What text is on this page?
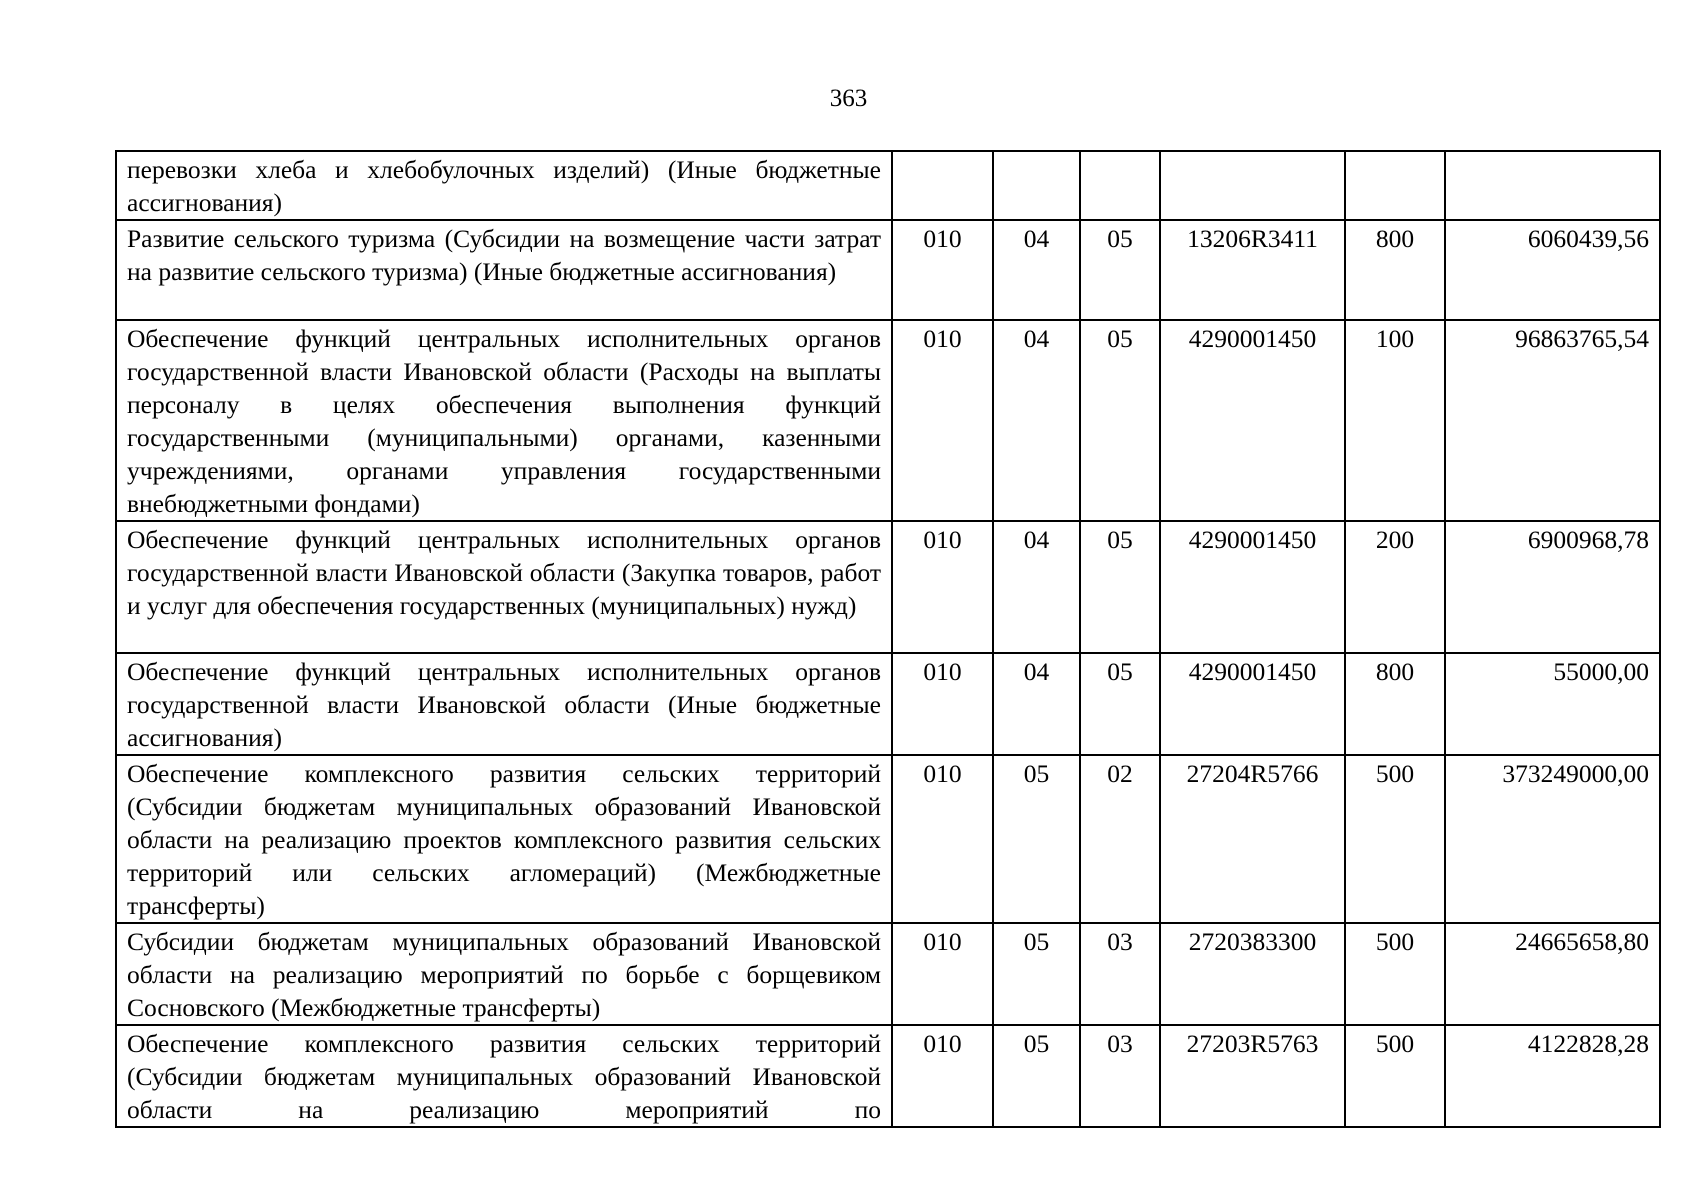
363
перевозки хлеба и хлебобулочных изделий) (Иные бюджетные ассигнования)						
Развитие сельского туризма (Субсидии на возмещение части затрат на развитие сельского туризма) (Иные бюджетные ассигнования)	010	04	05	13206R3411	800	6060439,56
Обеспечение функций центральных исполнительных органов государственной власти Ивановской области (Расходы на выплаты персоналу в целях обеспечения выполнения функций государственными (муниципальными) органами, казенными учреждениями, органами управления государственными внебюджетными фондами)	010	04	05	4290001450	100	96863765,54
Обеспечение функций центральных исполнительных органов государственной власти Ивановской области (Закупка товаров, работ и услуг для обеспечения государственных (муниципальных) нужд)	010	04	05	4290001450	200	6900968,78
Обеспечение функций центральных исполнительных органов государственной власти Ивановской области (Иные бюджетные ассигнования)	010	04	05	4290001450	800	55000,00
Обеспечение комплексного развития сельских территорий (Субсидии бюджетам муниципальных образований Ивановской области на реализацию проектов комплексного развития сельских территорий или сельских агломераций) (Межбюджетные трансферты)	010	05	02	27204R5766	500	373249000,00
Субсидии бюджетам муниципальных образований Ивановской области на реализацию мероприятий по борьбе с борщевиком Сосновского (Межбюджетные трансферты)	010	05	03	2720383300	500	24665658,80
Обеспечение комплексного развития сельских территорий (Субсидии бюджетам муниципальных образований Ивановской области на реализацию мероприятий по	010	05	03	27203R5763	500	4122828,28
